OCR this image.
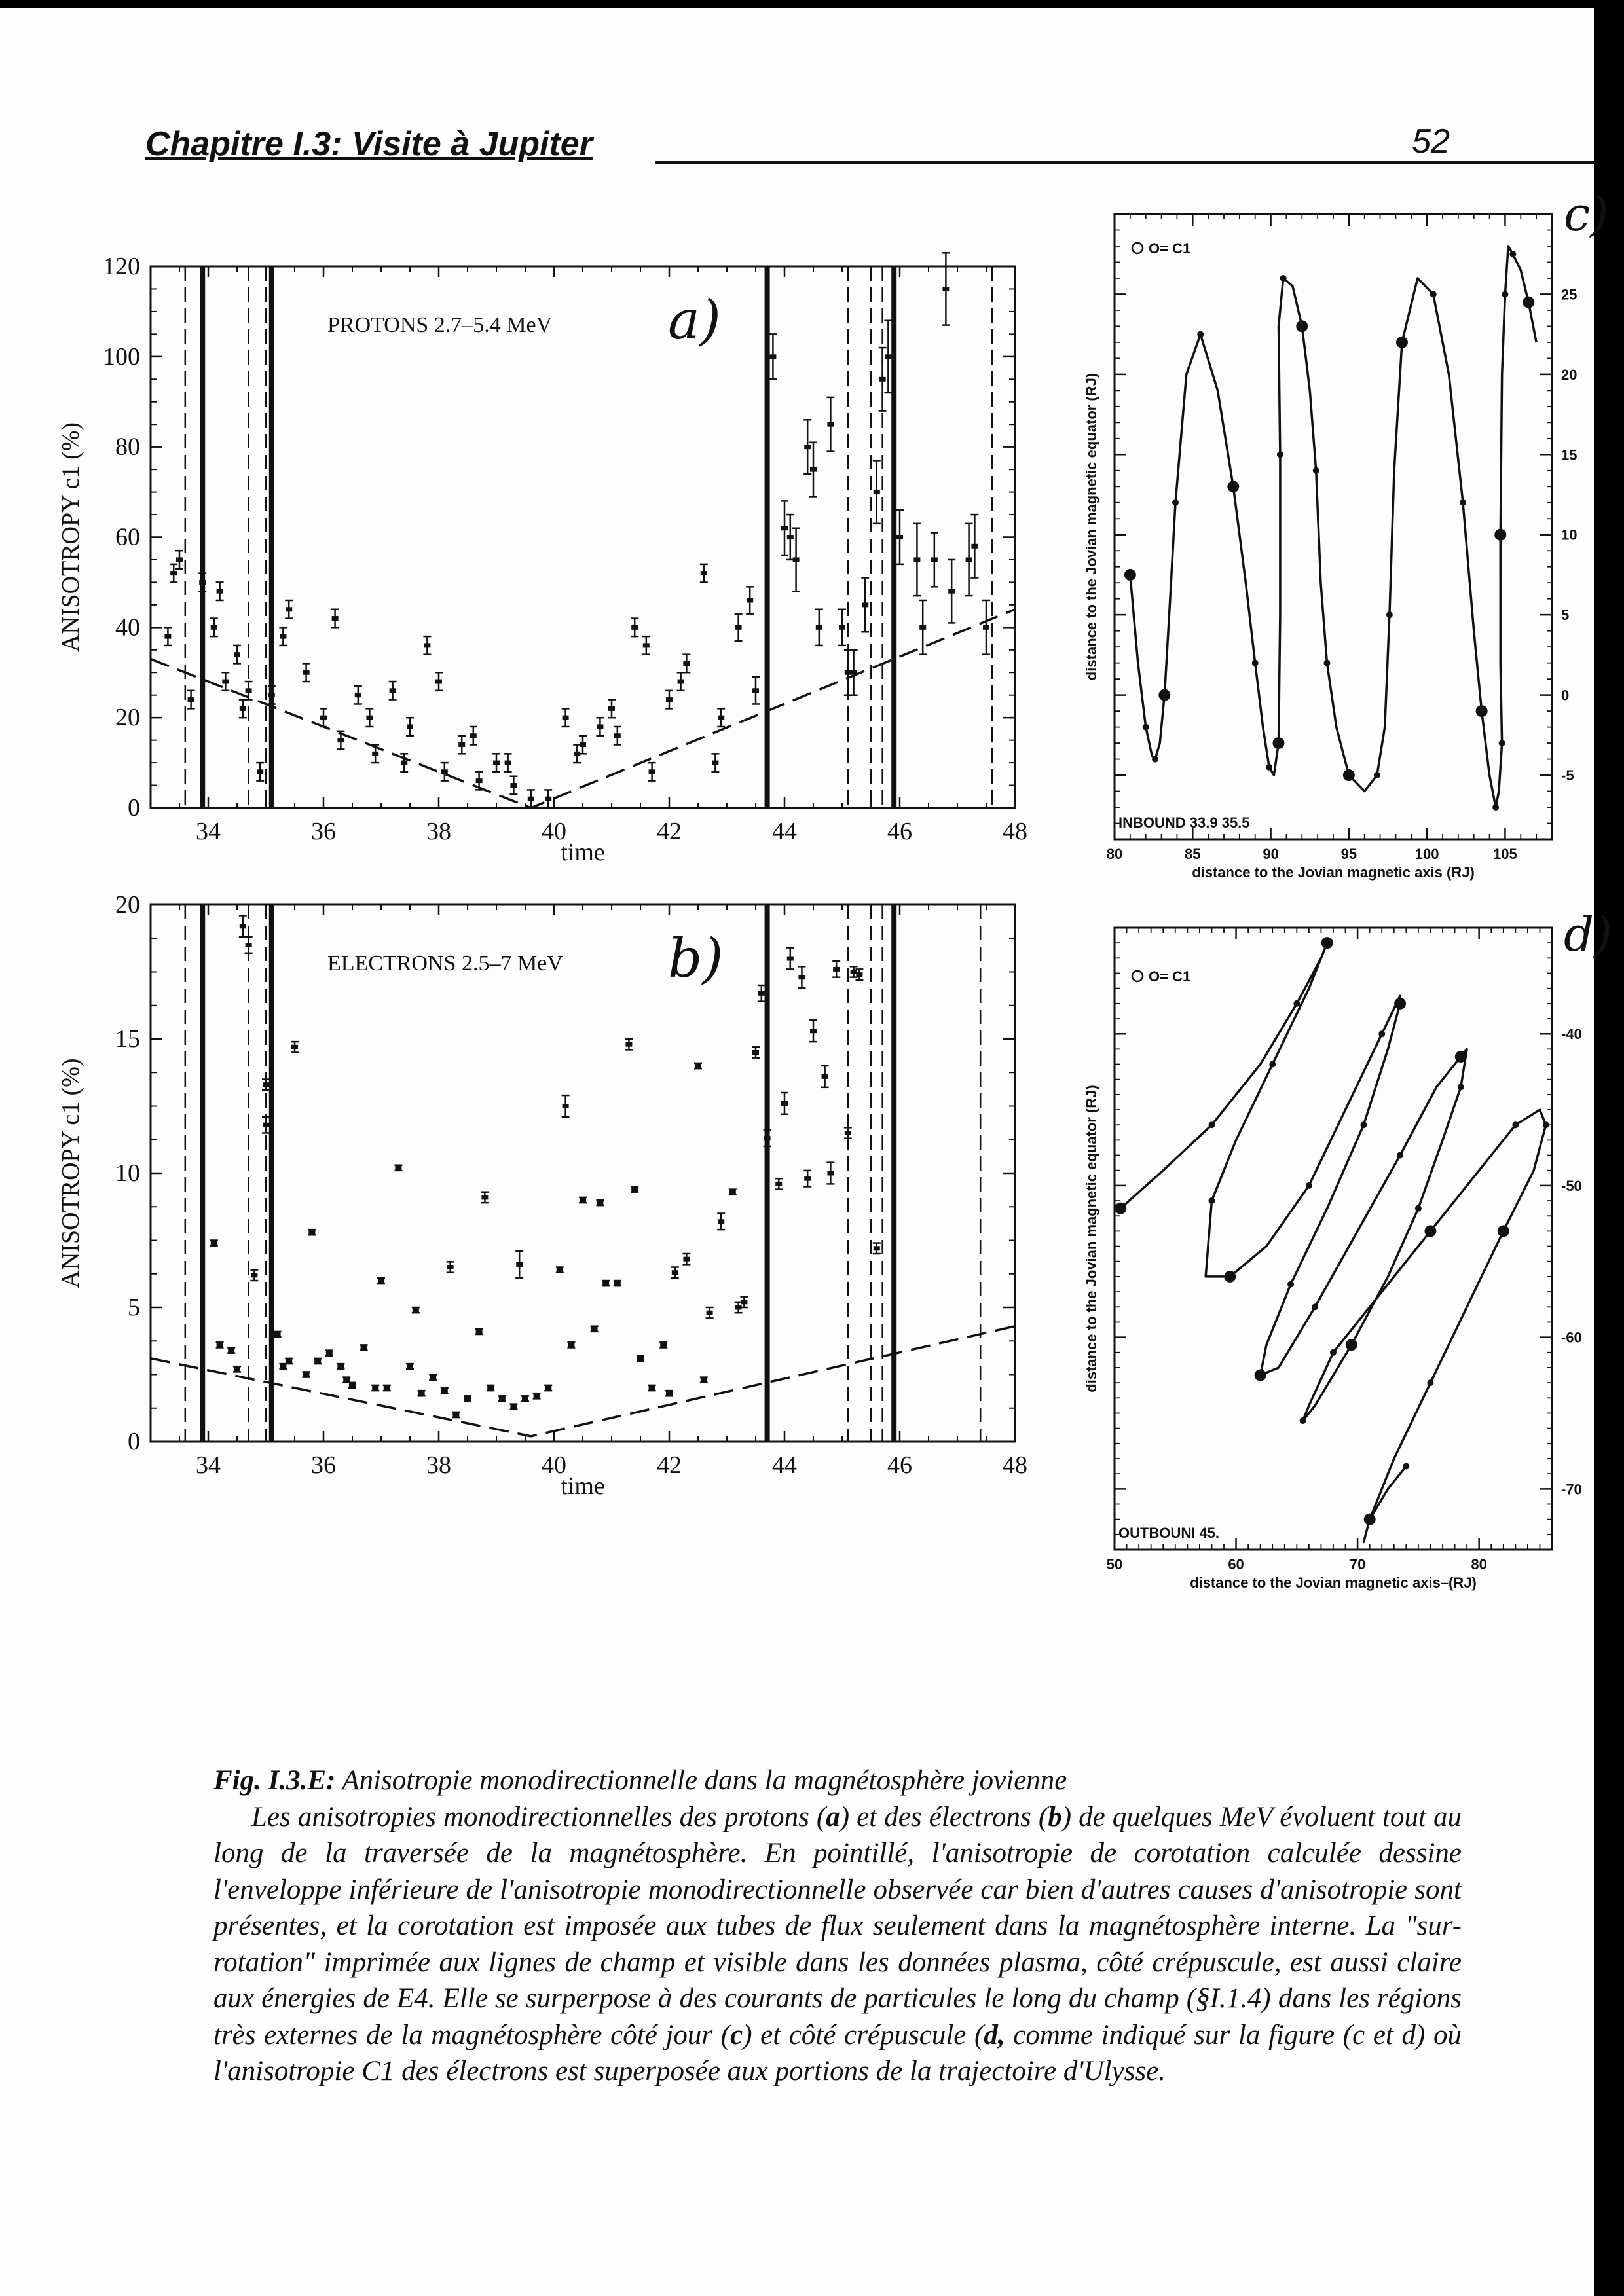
Chapitre I.3: Visite à Jupiter	52
34	36	38	40	42	44	46	48
0
20
40
60
80
100
120
time
ANISOTROPY c1 (%)
PROTONS 2.7–5.4 MeV a)
34	36	38	40	42	44	46	48
0
5
10
15
20
time
ANISOTROPY c1 (%)
ELECTRONS 2.5–7 MeV b)
80	85	90	95	100	105
-5
0
5
10
15
20
25
O= C1
INBOUND 33.9 35.5
distance to the Jovian magnetic axis (RJ)
distance to the Jovian magnetic equator (RJ)
c)
50	60	70	80
-40
-50
-60
-70
O= C1
OUTBOUNI 45.
distance to the Jovian magnetic axis–(RJ)
distance to the Jovian magnetic equator (RJ)
d)
Fig. I.3.E: Anisotropie monodirectionnelle dans la magnétosphère jovienne

Les anisotropies monodirectionnelles des protons (a) et des électrons (b) de quelques MeV évoluent tout au long de la traversée de la magnétosphère. En pointillé, l'anisotropie de corotation calculée dessine l'enveloppe inférieure de l'anisotropie monodirectionnelle observée car bien d'autres causes d'anisotropie sont présentes, et la corotation est imposée aux tubes de flux seulement dans la magnétosphère interne. La "sur-rotation" imprimée aux lignes de champ et visible dans les données plasma, côté crépuscule, est aussi claire aux énergies de E4. Elle se surperpose à des courants de particules le long du champ (§I.1.4) dans les régions très externes de la magnétosphère côté jour (c) et côté crépuscule (d, comme indiqué sur la figure (c et d) où l'anisotropie C1 des électrons est superposée aux portions de la trajectoire d'Ulysse.
